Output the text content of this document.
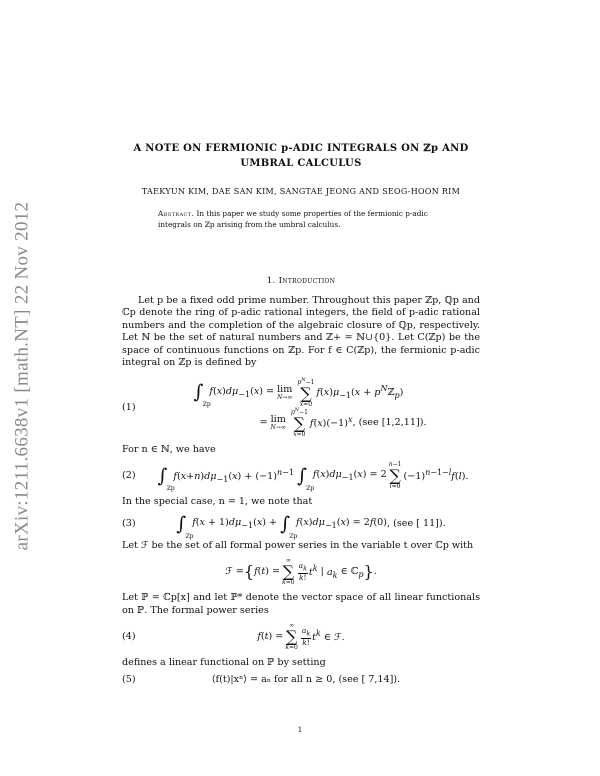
arXiv:1211.6638v1 [math.NT] 22 Nov 2012
A NOTE ON FERMIONIC p-ADIC INTEGRALS ON ℤp AND
UMBRAL CALCULUS
TAEKYUN KIM, DAE SAN KIM, SANGTAE JEONG AND SEOG-HOON RIM
Abstract. In this paper we study some properties of the fermionic p-adic integrals on ℤp arising from the umbral calculus.
1. Introduction

Let p be a fixed odd prime number. Throughout this paper ℤp, ℚp and ℂp denote the ring of p-adic rational integers, the field of p-adic rational numbers and the completion of the algebraic closure of ℚp, respectively. Let ℕ be the set of natural numbers and ℤ+ = ℕ∪{0}. Let C(ℤp) be the space of continuous functions on ℤp. For f ∈ C(ℤp), the fermionic p-adic integral on ℤp is defined by

(1)
∫
ℤp
$f(x)d\mu_{-1}(x) = \lim$
N→∞
$p^N-1$
∑
x=0
$f(x)\mu_{-1}(x$ + $p^Nℤ_p$)
= lim
N→∞
$p^N-1$
∑
x=0
$f(x)(-1)^x$ , (see [1,2,11]).

For n ∈ ℕ, we have

(2) ∫
ℤp
$f(x+n)d\mu_{-1}(x) + (-1)^{n-1}$ ∫
ℤp
$f(x)d\mu_{-1}(x) = 2$
n−1
∑
l=0
$(-1)^{n-1-l}f(l)$.

In the special case, n = 1, we note that

(3) ∫
ℤp
$f(x + 1)d\mu_{-1}(x)$ + ∫
ℤp
$f(x)d\mu_{-1}(x) = 2f(0)$ , (see [ 11]).

Let ℱ be the set of all formal power series in the variable t over ℂp with

ℱ = { f(t) =
∞
∑
k=0
$\frac{a_k}{k!} t^k$ | $a_k$ ∈ ℂ$_p$ } .

Let ℙ = ℂp[x] and let ℙ* denote the vector space of all linear functionals on ℙ. The formal power series

(4)	f(t) =
∞
∑
k=0
$\frac{a_k}{k!} t^k$ ∈ ℱ.

defines a linear functional on ℙ by setting

(5)	⟨f(t)|xⁿ⟩ = aₙ for all n ≥ 0,
(see [ 7,14]).
1
